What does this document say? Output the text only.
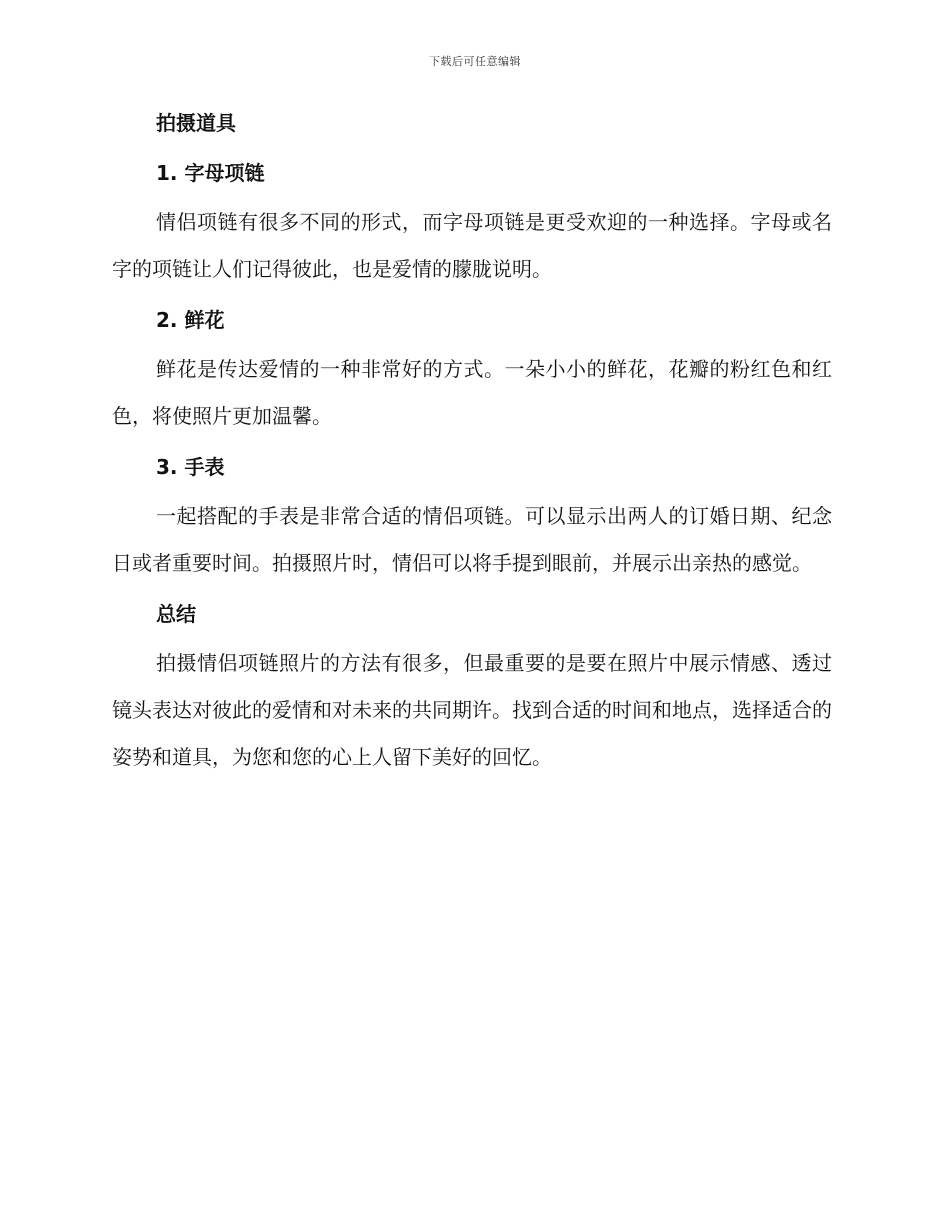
下载后可任意编辑
拍摄道具
1. 字母项链

情侣项链有很多不同的形式，而字母项链是更受欢迎的一种选择。字母或名字的项链让人们记得彼此，也是爱情的朦胧说明。

2. 鲜花

鲜花是传达爱情的一种非常好的方式。一朵小小的鲜花，花瓣的粉红色和红色，将使照片更加温馨。

3. 手表

一起搭配的手表是非常合适的情侣项链。可以显示出两人的订婚日期、纪念日或者重要时间。拍摄照片时，情侣可以将手提到眼前，并展示出亲热的感觉。

总结

拍摄情侣项链照片的方法有很多，但最重要的是要在照片中展示情感、透过镜头表达对彼此的爱情和对未来的共同期许。找到合适的时间和地点，选择适合的姿势和道具，为您和您的心上人留下美好的回忆。
